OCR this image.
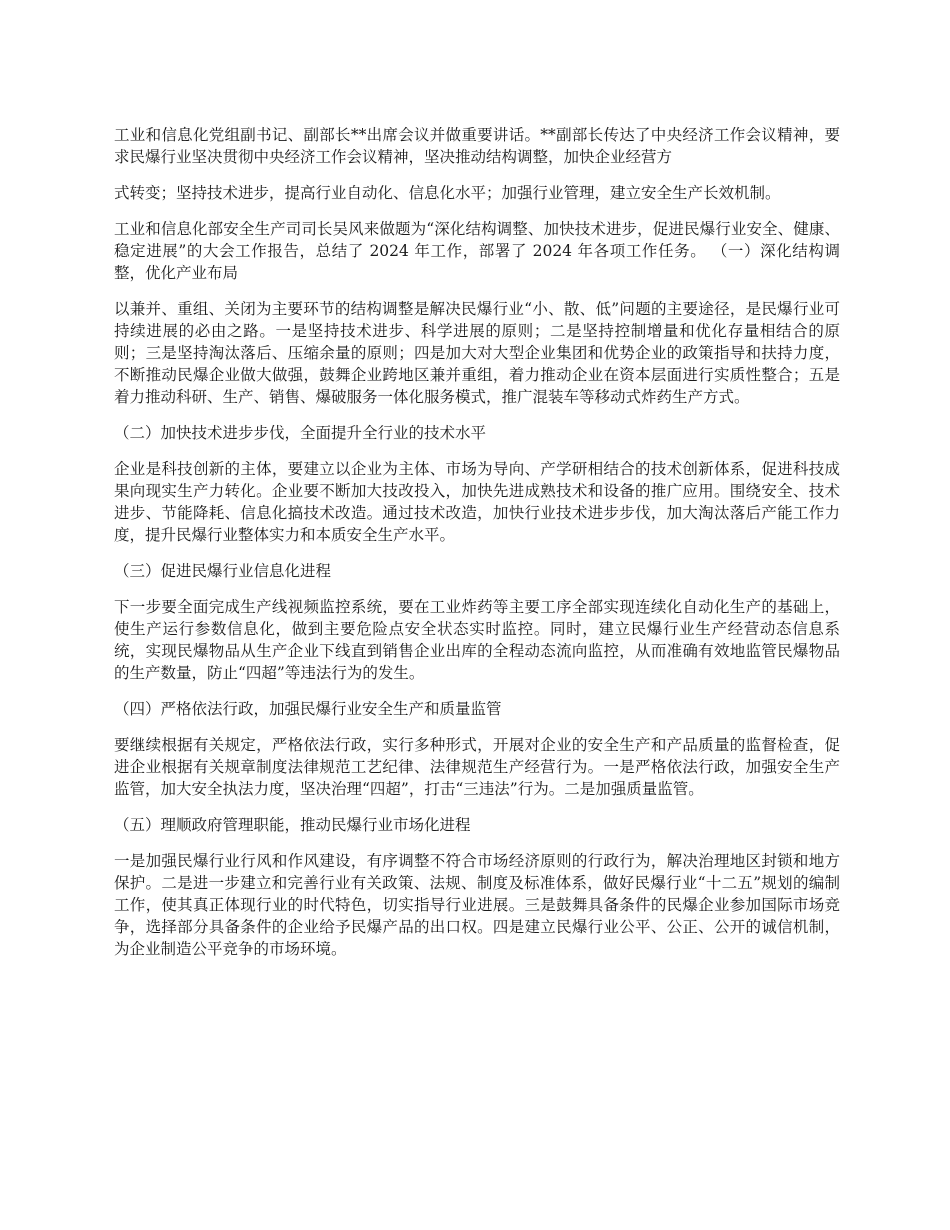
工业和信息化党组副书记、副部长**出席会议并做重要讲话。**副部长传达了中央经济工作会议精神，要求民爆行业坚决贯彻中央经济工作会议精神，坚决推动结构调整，加快企业经营方

式转变；坚持技术进步，提高行业自动化、信息化水平；加强行业管理，建立安全生产长效机制。

工业和信息化部安全生产司司长吴风来做题为“深化结构调整、加快技术进步，促进民爆行业安全、健康、稳定进展”的大会工作报告，总结了 2024 年工作，部署了 2024 年各项工作任务。 （一）深化结构调整，优化产业布局

以兼并、重组、关闭为主要环节的结构调整是解决民爆行业“小、散、低”问题的主要途径，是民爆行业可持续进展的必由之路。一是坚持技术进步、科学进展的原则；二是坚持控制增量和优化存量相结合的原则；三是坚持淘汰落后、压缩余量的原则；四是加大对大型企业集团和优势企业的政策指导和扶持力度，不断推动民爆企业做大做强，鼓舞企业跨地区兼并重组，着力推动企业在资本层面进行实质性整合；五是着力推动科研、生产、销售、爆破服务一体化服务模式，推广混装车等移动式炸药生产方式。

（二）加快技术进步步伐，全面提升全行业的技术水平

企业是科技创新的主体，要建立以企业为主体、市场为导向、产学研相结合的技术创新体系，促进科技成果向现实生产力转化。企业要不断加大技改投入，加快先进成熟技术和设备的推广应用。围绕安全、技术进步、节能降耗、信息化搞技术改造。通过技术改造，加快行业技术进步步伐，加大淘汰落后产能工作力度，提升民爆行业整体实力和本质安全生产水平。

（三）促进民爆行业信息化进程

下一步要全面完成生产线视频监控系统，要在工业炸药等主要工序全部实现连续化自动化生产的基础上，使生产运行参数信息化，做到主要危险点安全状态实时监控。同时，建立民爆行业生产经营动态信息系统，实现民爆物品从生产企业下线直到销售企业出库的全程动态流向监控，从而准确有效地监管民爆物品的生产数量，防止“四超”等违法行为的发生。

（四）严格依法行政，加强民爆行业安全生产和质量监管

要继续根据有关规定，严格依法行政，实行多种形式，开展对企业的安全生产和产品质量的监督检查，促进企业根据有关规章制度法律规范工艺纪律、法律规范生产经营行为。一是严格依法行政，加强安全生产监管，加大安全执法力度，坚决治理“四超”，打击“三违法”行为。二是加强质量监管。

（五）理顺政府管理职能，推动民爆行业市场化进程

一是加强民爆行业行风和作风建设，有序调整不符合市场经济原则的行政行为，解决治理地区封锁和地方保护。二是进一步建立和完善行业有关政策、法规、制度及标准体系，做好民爆行业“十二五”规划的编制工作，使其真正体现行业的时代特色，切实指导行业进展。三是鼓舞具备条件的民爆企业参加国际市场竞争，选择部分具备条件的企业给予民爆产品的出口权。四是建立民爆行业公平、公正、公开的诚信机制，为企业制造公平竞争的市场环境。
